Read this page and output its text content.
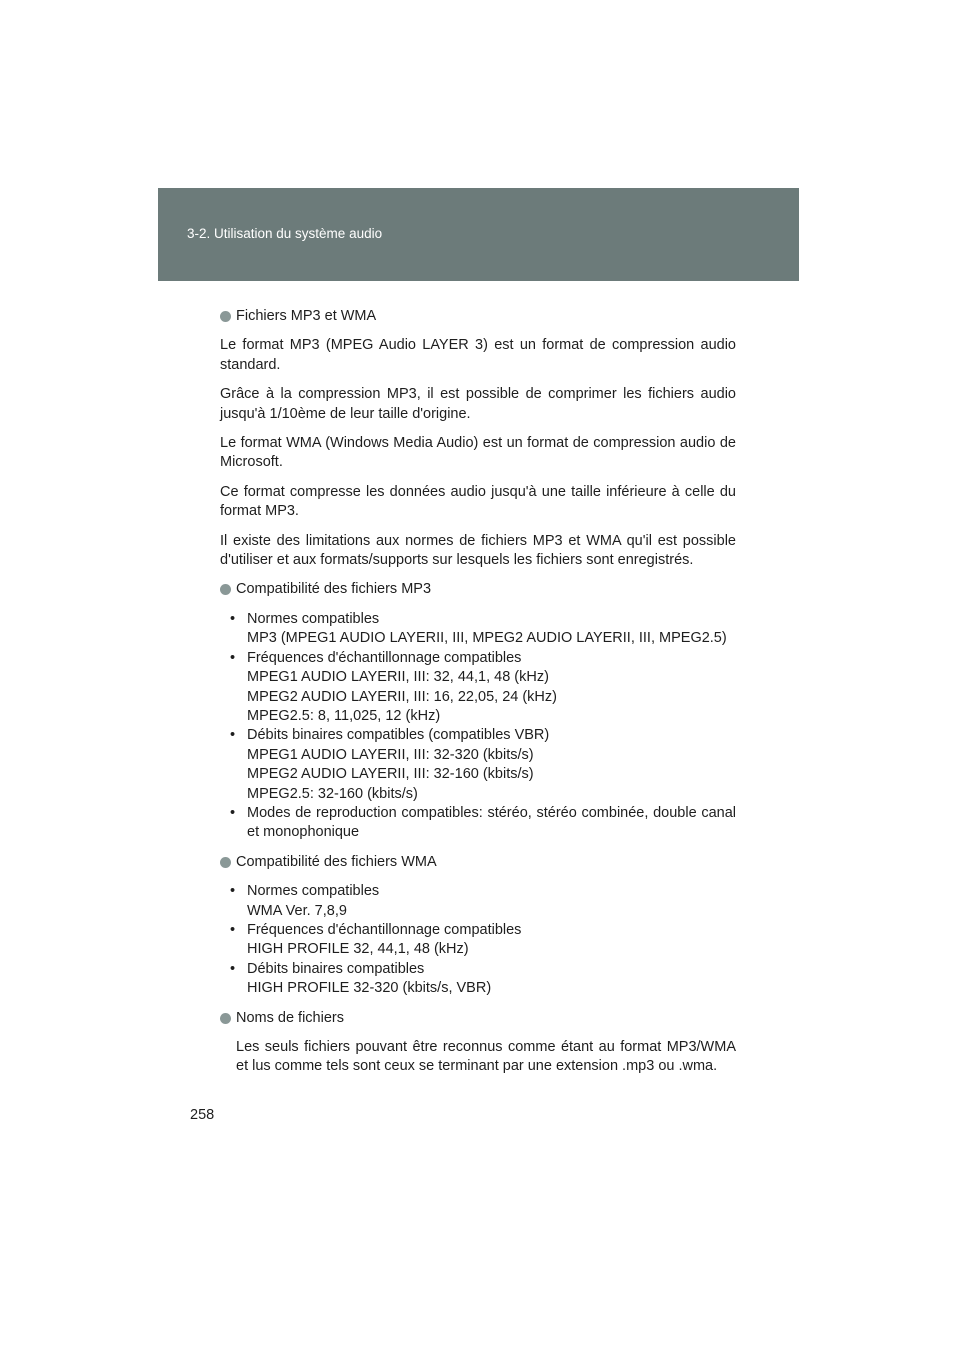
3-2. Utilisation du système audio
Fichiers MP3 et WMA

Le format MP3 (MPEG Audio LAYER 3) est un format de compression audio standard.

Grâce à la compression MP3, il est possible de comprimer les fichiers audio jusqu'à 1/10ème de leur taille d'origine.

Le format WMA (Windows Media Audio) est un format de compression audio de Microsoft.

Ce format compresse les données audio jusqu'à une taille inférieure à celle du format MP3.

Il existe des limitations aux normes de fichiers MP3 et WMA qu'il est possible d'utiliser et aux formats/supports sur lesquels les fichiers sont enregistrés.

Compatibilité des fichiers MP3
• Normes compatibles
MP3 (MPEG1 AUDIO LAYERII, III, MPEG2 AUDIO LAYERII, III, MPEG2.5)
• Fréquences d'échantillonnage compatibles
MPEG1 AUDIO LAYERII, III: 32, 44,1, 48 (kHz)
MPEG2 AUDIO LAYERII, III: 16, 22,05, 24 (kHz)
MPEG2.5: 8, 11,025, 12 (kHz)
• Débits binaires compatibles (compatibles VBR)
MPEG1 AUDIO LAYERII, III: 32-320 (kbits/s)
MPEG2 AUDIO LAYERII, III: 32-160 (kbits/s)
MPEG2.5: 32-160 (kbits/s)
• Modes de reproduction compatibles: stéréo, stéréo combinée, double canal et monophonique
Compatibilité des fichiers WMA
• Normes compatibles
WMA Ver. 7,8,9
• Fréquences d'échantillonnage compatibles
HIGH PROFILE 32, 44,1, 48 (kHz)
• Débits binaires compatibles
HIGH PROFILE 32-320 (kbits/s, VBR)
Noms de fichiers

Les seuls fichiers pouvant être reconnus comme étant au format MP3/WMA et lus comme tels sont ceux se terminant par une extension .mp3 ou .wma.

258
